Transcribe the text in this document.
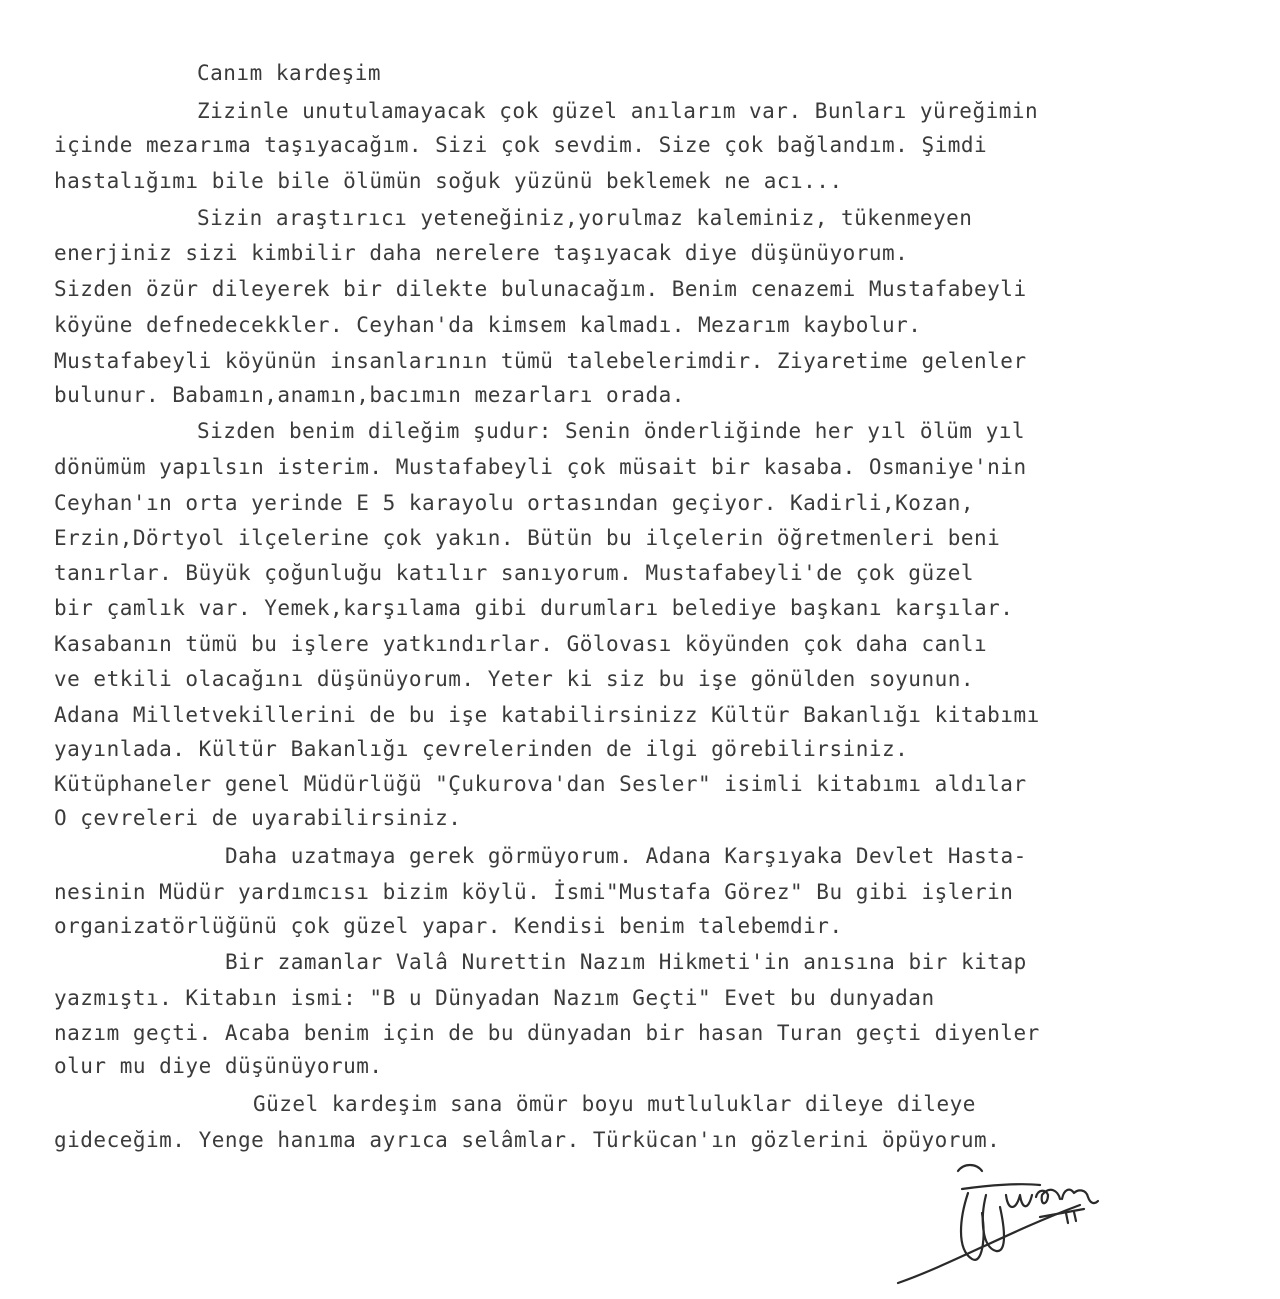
Canım kardeşim

Zizinle unutulamayacak çok güzel anılarım var. Bunları yüreğimin

içinde mezarıma taşıyacağım. Sizi çok sevdim. Size çok bağlandım. Şimdi

hastalığımı bile bile ölümün soğuk yüzünü beklemek ne acı...

Sizin araştırıcı yeteneğiniz,yorulmaz kaleminiz, tükenmeyen

enerjiniz sizi kimbilir daha nerelere taşıyacak diye düşünüyorum.

Sizden özür dileyerek bir dilekte bulunacağım. Benim cenazemi Mustafabeyli

köyüne defnedecekkler. Ceyhan'da kimsem kalmadı. Mezarım kaybolur.

Mustafabeyli köyünün insanlarının tümü talebelerimdir. Ziyaretime gelenler

bulunur. Babamın,anamın,bacımın mezarları orada.

Sizden benim dileğim şudur: Senin önderliğinde her yıl ölüm yıl

dönümüm yapılsın isterim. Mustafabeyli çok müsait bir kasaba. Osmaniye'nin

Ceyhan'ın orta yerinde E 5 karayolu ortasından geçiyor. Kadirli,Kozan,

Erzin,Dörtyol ilçelerine çok yakın. Bütün bu ilçelerin öğretmenleri beni

tanırlar. Büyük çoğunluğu katılır sanıyorum. Mustafabeyli'de çok güzel

bir çamlık var. Yemek,karşılama gibi durumları belediye başkanı karşılar.

Kasabanın tümü bu işlere yatkındırlar. Gölovası köyünden çok daha canlı

ve etkili olacağını düşünüyorum. Yeter ki siz bu işe gönülden soyunun.

Adana Milletvekillerini de bu işe katabilirsinizz Kültür Bakanlığı kitabımı

yayınlada. Kültür Bakanlığı çevrelerinden de ilgi görebilirsiniz.

Kütüphaneler genel Müdürlüğü "Çukurova'dan Sesler" isimli kitabımı aldılar

O çevreleri de uyarabilirsiniz.

Daha uzatmaya gerek görmüyorum. Adana Karşıyaka Devlet Hasta-

nesinin Müdür yardımcısı bizim köylü. İsmi"Mustafa Görez" Bu gibi işlerin

organizatörlüğünü çok güzel yapar. Kendisi benim talebemdir.

Bir zamanlar Valâ Nurettin Nazım Hikmeti'in anısına bir kitap

yazmıştı. Kitabın ismi: "B u Dünyadan Nazım Geçti" Evet bu dunyadan

nazım geçti. Acaba benim için de bu dünyadan bir hasan Turan geçti diyenler

olur mu diye düşünüyorum.

Güzel kardeşim sana ömür boyu mutluluklar dileye dileye

gideceğim. Yenge hanıma ayrıca selâmlar. Türkücan'ın gözlerini öpüyorum.
